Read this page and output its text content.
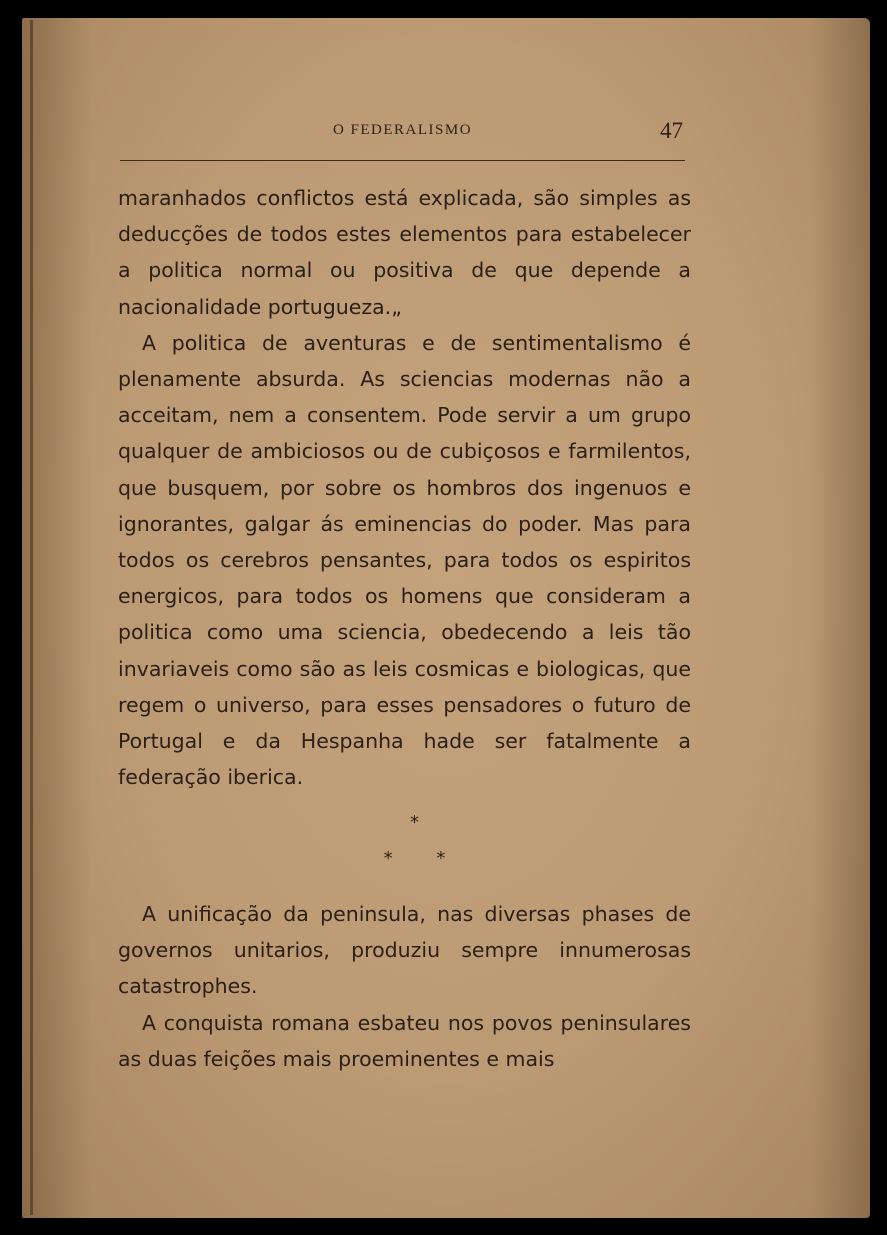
O FEDERALISMO	47

maranhados conflictos está explicada, são simples as deducções de todos estes elementos para estabelecer a politica normal ou positiva de que depende a nacionalidade portugueza.„

A politica de aventuras e de sentimentalismo é plenamente absurda. As sciencias modernas não a acceitam, nem a consentem. Pode servir a um grupo qualquer de ambiciosos ou de cubiçosos e farmilentos, que busquem, por sobre os hombros dos ingenuos e ignorantes, galgar ás eminencias do poder. Mas para todos os cerebros pensantes, para todos os espiritos energicos, para todos os homens que consideram a politica como uma sciencia, obedecendo a leis tão invariaveis como são as leis cosmicas e biologicas, que regem o universo, para esses pensadores o futuro de Portugal e da Hespanha hade ser fatalmente a federação iberica.

*
* *

A unificação da peninsula, nas diversas phases de governos unitarios, produziu sempre innumerosas catastrophes.

A conquista romana esbateu nos povos peninsulares as duas feições mais proeminentes e mais
